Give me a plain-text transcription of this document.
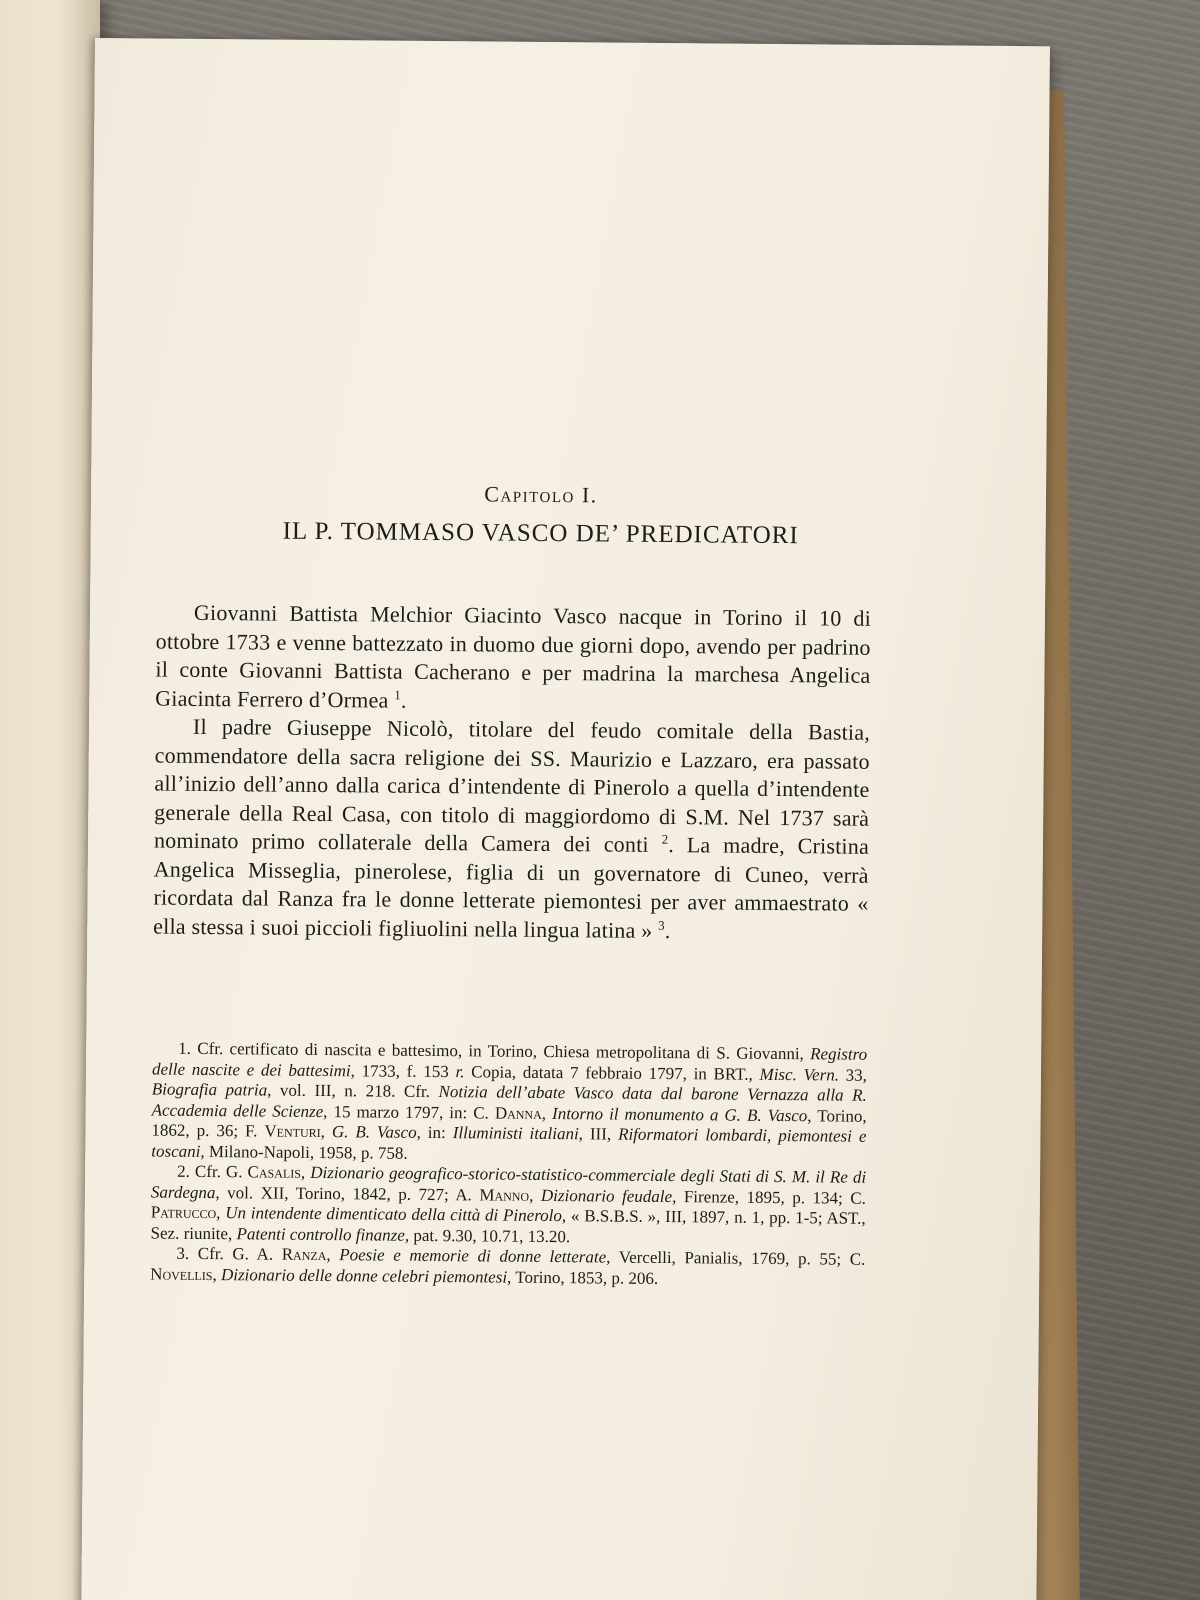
Capitolo I.
IL P. TOMMASO VASCO DE’ PREDICATORI

Giovanni Battista Melchior Giacinto Vasco nacque in Torino il 10 di ottobre 1733 e venne battezzato in duomo due giorni dopo, avendo per padrino il conte Giovanni Battista Cacherano e per madrina la marchesa Angelica Giacinta Ferrero d’Ormea $^1$.

Il padre Giuseppe Nicolò, titolare del feudo comitale della Bastia, commendatore della sacra religione dei SS. Maurizio e Lazzaro, era passato all’inizio dell’anno dalla carica d’intendente di Pinerolo a quella d’intendente generale della Real Casa, con titolo di maggiordomo di S.M. Nel 1737 sarà nominato primo collaterale della Camera dei conti $^2$. La madre, Cristina Angelica Misseglia, pinerolese, figlia di un governatore di Cuneo, verrà ricordata dal Ranza fra le donne letterate piemontesi per aver ammaestrato « ella stessa i suoi piccioli figliuolini nella lingua latina » $^3$.

1. Cfr. certificato di nascita e battesimo, in Torino, Chiesa metropolitana di S. Giovanni, Registro delle nascite e dei battesimi, 1733, f. 153 r. Copia, datata 7 febbraio 1797, in BRT., Misc. Vern. 33, Biografia patria, vol. III, n. 218. Cfr. Notizia dell’abate Vasco data dal barone Vernazza alla R. Accademia delle Scienze, 15 marzo 1797, in: C. Danna, Intorno il monumento a G. B. Vasco, Torino, 1862, p. 36; F. Venturi, G. B. Vasco, in: Illuministi italiani, III, Riformatori lombardi, piemontesi e toscani, Milano-Napoli, 1958, p. 758.

2. Cfr. G. Casalis, Dizionario geografico-storico-statistico-commerciale degli Stati di S. M. il Re di Sardegna, vol. XII, Torino, 1842, p. 727; A. Manno, Dizionario feudale, Firenze, 1895, p. 134; C. Patrucco, Un intendente dimenticato della città di Pinerolo, « B.S.B.S. », III, 1897, n. 1, pp. 1-5; AST., Sez. riunite, Patenti controllo finanze, pat. 9.30, 10.71, 13.20.

3. Cfr. G. A. Ranza, Poesie e memorie di donne letterate, Vercelli, Panialis, 1769, p. 55; C. Novellis, Dizionario delle donne celebri piemontesi, Torino, 1853, p. 206.
